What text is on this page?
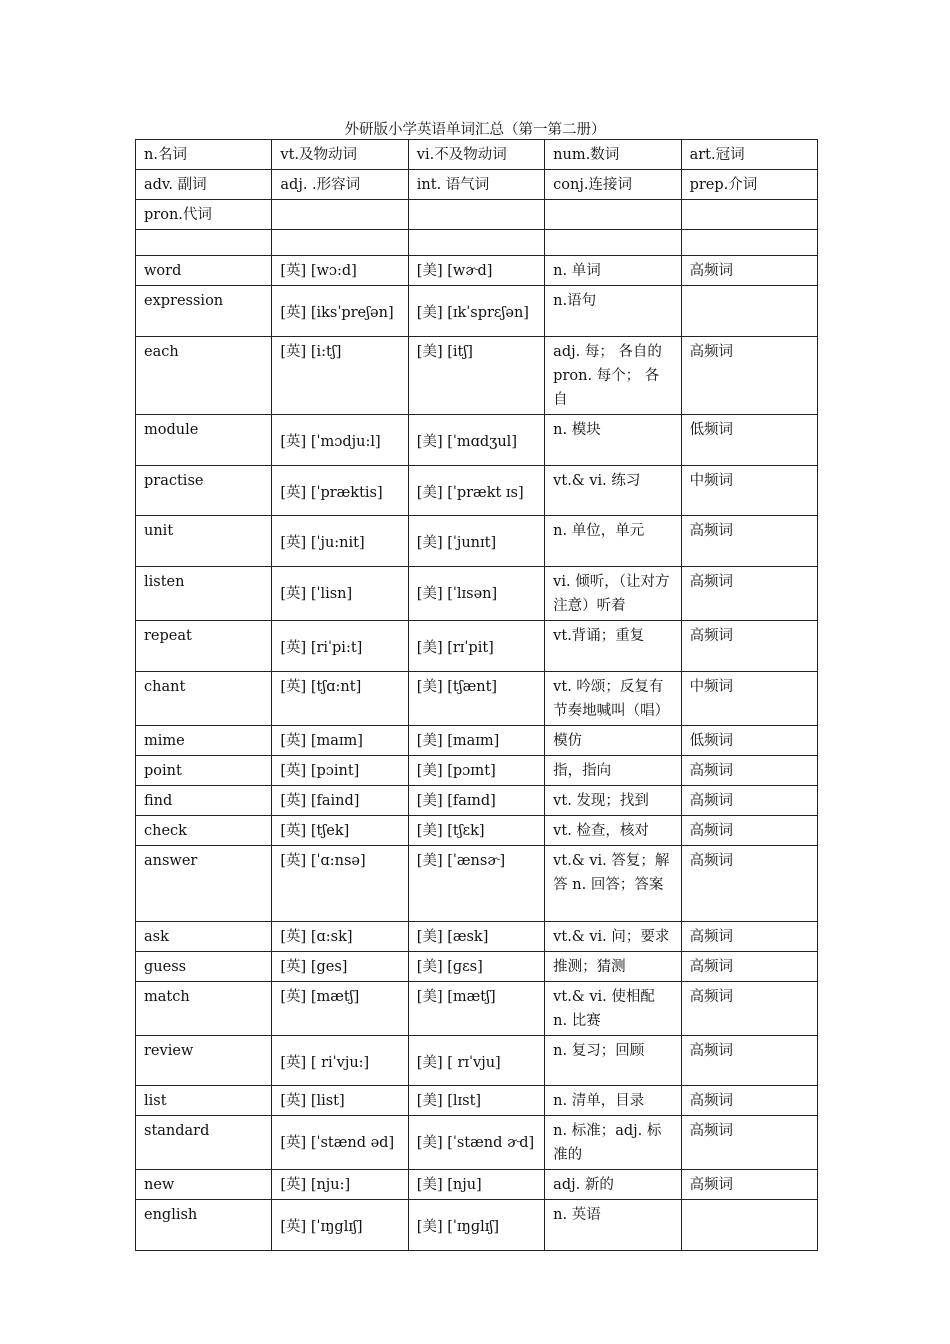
外研版小学英语单词汇总（第一第二册）
n.名词	vt.及物动词	vi.不及物动词	num.数词	art.冠词
adv. 副词	adj. .形容词	int. 语气词	conj.连接词	prep.介词
pron.代词				

word	[英] [wɔ:d]	[美] [wɚd]	n. 单词	高频词
expression	[英] [iksˈpreʃən]	[美] [ɪkˈsprɛʃən]	n.语句	
each	[英] [i:tʃ]	[美] [itʃ]	adj. 每； 各自的 pron. 每个； 各自	高频词
module	[英] [ˈmɔdju:l]	[美] [ˈmɑdʒul]	n. 模块	低频词
practise	[英] [ˈpræktis]	[美] [ˈprækt ɪs]	vt.& vi. 练习	中频词
unit	[英] [ˈju:nit]	[美] [ˈjunɪt]	n. 单位，单元	高频词
listen	[英] [ˈlisn]	[美] [ˈlɪsən]	vi. 倾听，（让对方注意）听着	高频词
repeat	[英] [riˈpi:t]	[美] [rɪˈpit]	vt.背诵；重复	高频词
chant	[英] [tʃɑ:nt]	[美] [tʃænt]	vt. 吟颂；反复有节奏地喊叫（唱）	中频词
mime	[英] [maɪm]	[美] [maɪm]	模仿	低频词
point	[英] [pɔint]	[美] [pɔɪnt]	指，指向	高频词
find	[英] [faind]	[美] [faɪnd]	vt. 发现；找到	高频词
check	[英] [tʃek]	[美] [tʃɛk]	vt. 检查，核对	高频词
answer	[英] [ˈɑ:nsə]	[美] [ˈænsɚ]	vt.& vi. 答复；解答 n. 回答；答案	高频词
ask	[英] [ɑ:sk]	[美] [æsk]	vt.& vi. 问；要求	高频词
guess	[英] [ges]	[美] [ɡɛs]	推测；猜测	高频词
match	[英] [mætʃ]	[美] [mætʃ]	vt.& vi. 使相配 n. 比赛	高频词
review	[英] [ riˈvju:]	[美] [ rɪˈvju]	n. 复习；回顾	高频词
list	[英] [list]	[美] [lɪst]	n. 清单，目录	高频词
standard	[英] [ˈstænd əd]	[美] [ˈstænd ɚd]	n. 标准；adj. 标准的	高频词
new	[英] [nju:]	[美] [nju]	adj. 新的	高频词
english	[英] [ˈɪŋglɪʃ]	[美] [ˈɪŋɡlɪʃ]	n. 英语	
